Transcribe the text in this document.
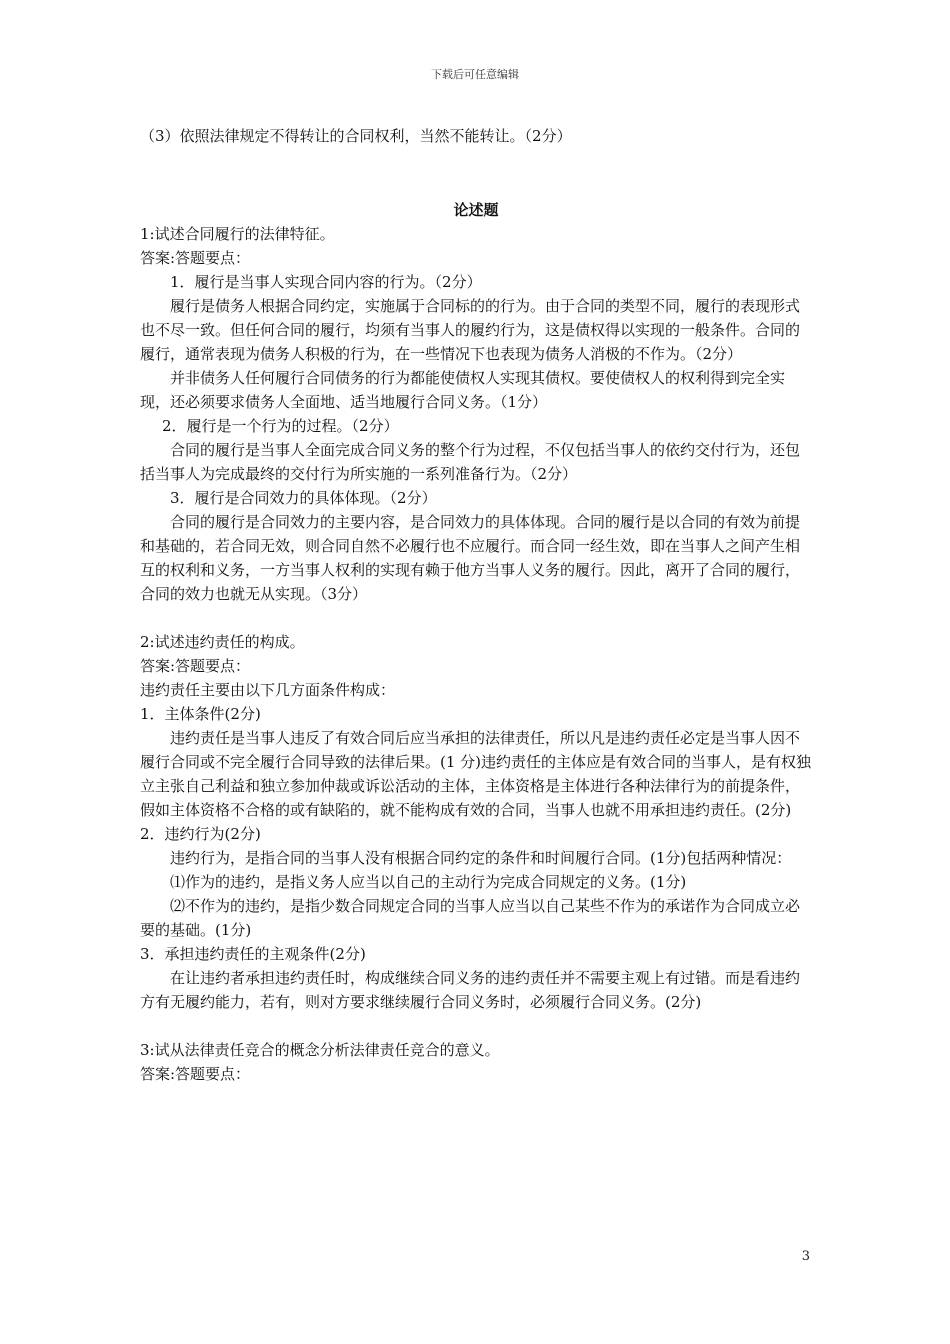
下载后可任意编辑

（3）依照法律规定不得转让的合同权利，当然不能转让。（2分）

论述题

1:试述合同履行的法律特征。

答案:答题要点：

1．履行是当事人实现合同内容的行为。（2分）

履行是债务人根据合同约定，实施属于合同标的的行为。由于合同的类型不同，履行的表现形式也不尽一致。但任何合同的履行，均须有当事人的履约行为，这是债权得以实现的一般条件。合同的履行，通常表现为债务人积极的行为，在一些情况下也表现为债务人消极的不作为。（2分）

并非债务人任何履行合同债务的行为都能使债权人实现其债权。要使债权人的权利得到完全实现，还必须要求债务人全面地、适当地履行合同义务。（1分）

2．履行是一个行为的过程。（2分）

合同的履行是当事人全面完成合同义务的整个行为过程，不仅包括当事人的依约交付行为，还包括当事人为完成最终的交付行为所实施的一系列准备行为。（2分）

3．履行是合同效力的具体体现。（2分）

合同的履行是合同效力的主要内容，是合同效力的具体体现。合同的履行是以合同的有效为前提和基础的，若合同无效，则合同自然不必履行也不应履行。而合同一经生效，即在当事人之间产生相互的权利和义务，一方当事人权利的实现有赖于他方当事人义务的履行。因此，离开了合同的履行，合同的效力也就无从实现。（3分）

2:试述违约责任的构成。

答案:答题要点：

违约责任主要由以下几方面条件构成：

1．主体条件(2分)

违约责任是当事人违反了有效合同后应当承担的法律责任，所以凡是违约责任必定是当事人因不履行合同或不完全履行合同导致的法律后果。(1 分)违约责任的主体应是有效合同的当事人，是有权独立主张自己利益和独立参加仲裁或诉讼活动的主体，主体资格是主体进行各种法律行为的前提条件，假如主体资格不合格的或有缺陷的，就不能构成有效的合同，当事人也就不用承担违约责任。(2分)

2．违约行为(2分)

违约行为，是指合同的当事人没有根据合同约定的条件和时间履行合同。(1分)包括两种情况：

⑴作为的违约，是指义务人应当以自己的主动行为完成合同规定的义务。(1分)

⑵不作为的违约，是指少数合同规定合同的当事人应当以自己某些不作为的承诺作为合同成立必要的基础。(1分)

3．承担违约责任的主观条件(2分)

在让违约者承担违约责任时，构成继续合同义务的违约责任并不需要主观上有过错。而是看违约方有无履约能力，若有，则对方要求继续履行合同义务时，必须履行合同义务。(2分)

3:试从法律责任竞合的概念分析法律责任竞合的意义。

答案:答题要点：

3
